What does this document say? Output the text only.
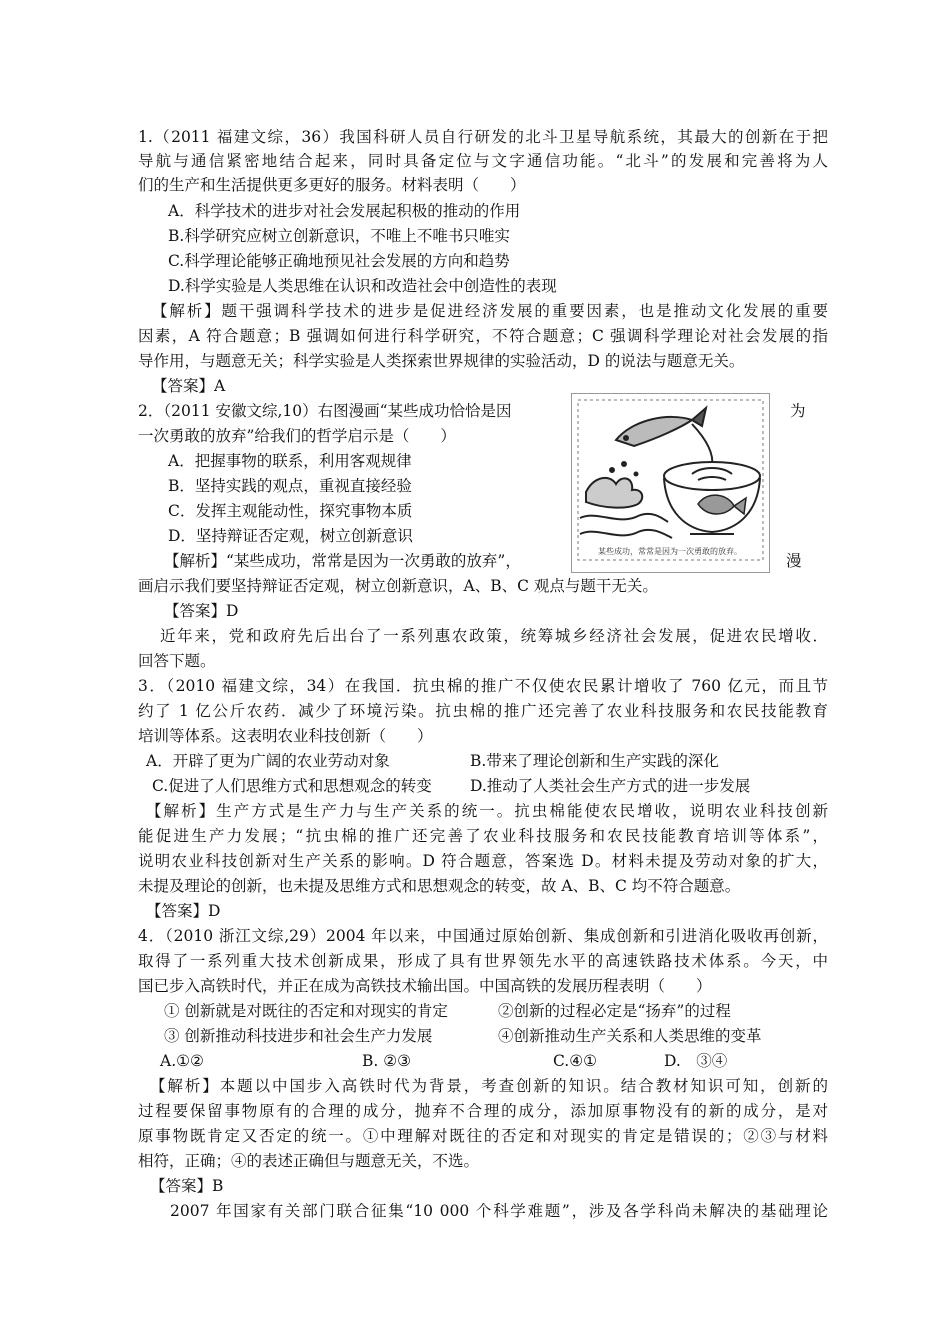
1.（2011 福建文综，36）我国科研人员自行研发的北斗卫星导航系统，其最大的创新在于把
导航与通信紧密地结合起来，同时具备定位与文字通信功能。“北斗”的发展和完善将为人
们的生产和生活提供更多更好的服务。材料表明（　　）
A．科学技术的进步对社会发展起积极的推动的作用
B.科学研究应树立创新意识，不唯上不唯书只唯实
C.科学理论能够正确地预见社会发展的方向和趋势
D.科学实验是人类思维在认识和改造社会中创造性的表现
【解析】题干强调科学技术的进步是促进经济发展的重要因素，也是推动文化发展的重要
因素，A 符合题意；B 强调如何进行科学研究，不符合题意；C 强调科学理论对社会发展的指
导作用，与题意无关；科学实验是人类探索世界规律的实验活动，D 的说法与题意无关。
【答案】A
2．（2011 安徽文综,10）右图漫画“某些成功恰恰是因	为
一次勇敢的放弃”给我们的哲学启示是（　　）
A．把握事物的联系，利用客观规律
B．坚持实践的观点，重视直接经验
C．发挥主观能动性，探究事物本质
D．坚持辩证否定观，树立创新意识
【解析】“某些成功，常常是因为一次勇敢的放弃”，	漫
画启示我们要坚持辩证否定观，树立创新意识，A、B、C 观点与题干无关。
【答案】D
某些成功，常常是因为一次勇敢的放弃。
近年来，党和政府先后出台了一系列惠农政策，统筹城乡经济社会发展，促进农民增收．
回答下题。
3．（2010 福建文综，34）在我国．抗虫棉的推广不仅使农民累计增收了 760 亿元，而且节
约了 1 亿公斤农药．减少了环境污染。抗虫棉的推广还完善了农业科技服务和农民技能教育
培训等体系。这表明农业科技创新（　　）
A．开辟了更为广阔的农业劳动对象	B.带来了理论创新和生产实践的深化
C.促进了人们思维方式和思想观念的转变 D.推动了人类社会生产方式的进一步发展
【解析】生产方式是生产力与生产关系的统一。抗虫棉能使农民增收，说明农业科技创新
能促进生产力发展；“抗虫棉的推广还完善了农业科技服务和农民技能教育培训等体系”，
说明农业科技创新对生产关系的影响。D 符合题意，答案选 D。材料未提及劳动对象的扩大，
未提及理论的创新，也未提及思维方式和思想观念的转变，故 A、B、C 均不符合题意。
【答案】D
4．（2010 浙江文综,29）2004 年以来，中国通过原始创新、集成创新和引进消化吸收再创新，
取得了一系列重大技术创新成果，形成了具有世界领先水平的高速铁路技术体系。今天，中
国已步入高铁时代，并正在成为高铁技术输出国。中国高铁的发展历程表明（　　）
① 创新就是对既往的否定和对现实的肯定	②创新的过程必定是“扬弃”的过程
③ 创新推动科技进步和社会生产力发展	④创新推动生产关系和人类思维的变革
A.①②	B. ②③	C.④①	D.　③④
【解析】本题以中国步入高铁时代为背景，考查创新的知识。结合教材知识可知，创新的
过程要保留事物原有的合理的成分，抛弃不合理的成分，添加原事物没有的新的成分，是对
原事物既肯定又否定的统一。①中理解对既往的否定和对现实的肯定是错误的；②③与材料
相符，正确；④的表述正确但与题意无关，不选。
【答案】B
2007 年国家有关部门联合征集“10 000 个科学难题”，涉及各学科尚未解决的基础理论
